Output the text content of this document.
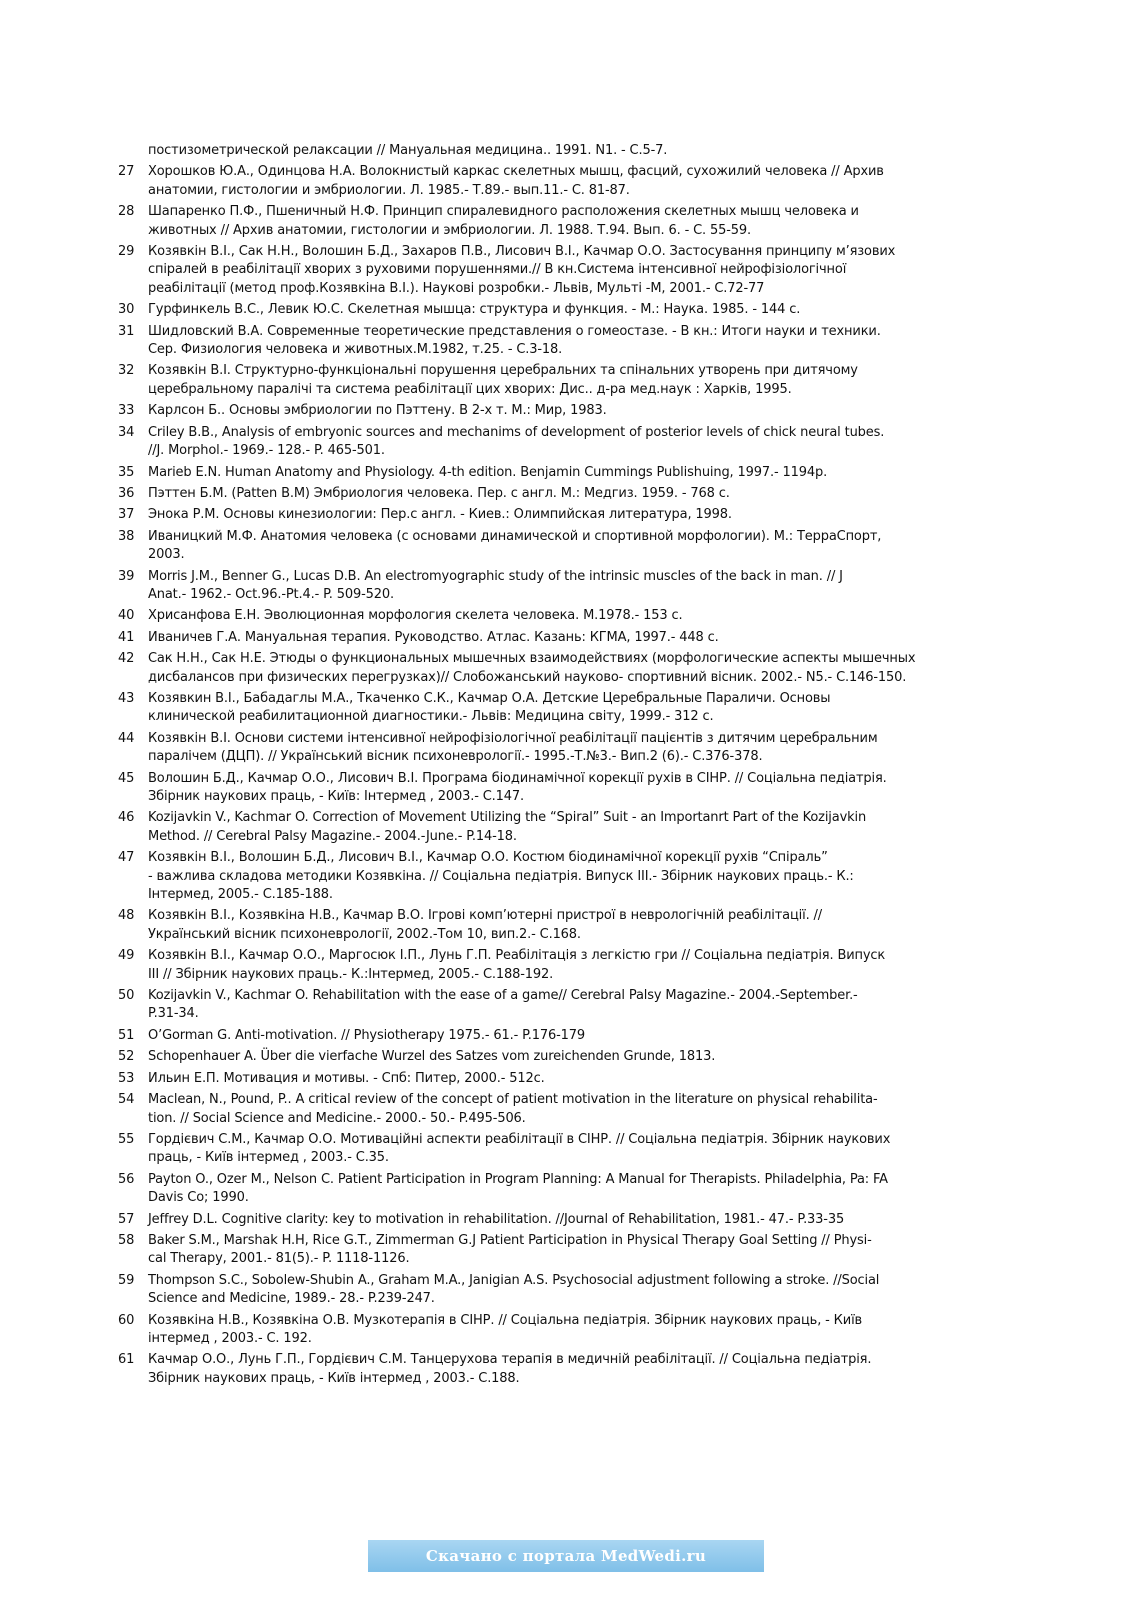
постизометрической релаксации // Мануальная медицина.. 1991. N1. - C.5-7.
27	Хорошков Ю.А., Одинцова Н.А. Волокнистый каркас скелетных мышц, фасций, сухожилий человека // Архив
анатомии, гистологии и эмбриологии. Л. 1985.- Т.89.- вып.11.- С. 81-87.
28	Шапаренко П.Ф., Пшеничный Н.Ф. Принцип спиралевидного расположения скелетных мышц человека и
животных // Архив анатомии, гистологии и эмбриологии. Л. 1988. Т.94. Вып. 6. - С. 55-59.
29	Козявкін В.І., Сак Н.Н., Волошин Б.Д., Захаров П.В., Лисович В.І., Качмар О.О. Застосування принципу м’язових
спіралей в реабілітації хворих з руховими порушеннями.// В кн.Система інтенсивної нейрофізіологічної
реабілітації (метод проф.Козявкіна В.І.). Наукові розробки.- Львів, Мульті -М, 2001.- С.72-77
30	Гурфинкель B.C., Левик Ю.С. Скелетная мышца: структура и функция. - М.: Наука. 1985. - 144 с.
31	Шидловский В.А. Современные теоретические представления о гомеостазе. - В кн.: Итоги науки и техники.
Сер. Физиология человека и животных.М.1982, т.25. - С.3-18.
32	Козявкін В.І. Структурно-функціональні порушення церебральних та спінальних утворень при дитячому
церебральному паралічі та система реабілітації цих хворих: Дис.. д-ра мед.наук : Харків, 1995.
33	Карлсон Б.. Основы эмбриологии по Пэттену. В 2-х т. М.: Мир, 1983.
34	Criley B.B., Analysis of embryonic sources and mechanims of development of posterior levels of chick neural tubes.
//J. Morphol.- 1969.- 128.- P. 465-501.
35	Marieb E.N. Human Anatomy and Physiology. 4-th edition. Benjamin Cummings Publishuing, 1997.- 1194p.
36	Пэттен Б.М. (Patten B.M) Эмбриология человека. Пер. с англ. М.: Медгиз. 1959. - 768 с.
37	Энока Р.М. Основы кинезиологии: Пер.с англ. - Киев.: Олимпийская литература, 1998.
38	Иваницкий М.Ф. Анатомия человека (с основами динамической и спортивной морфологии). М.: ТерраСпорт,
2003.
39	Morris J.M., Benner G., Lucas D.B. An electromyographic study of the intrinsic muscles of the back in man. // J
Anat.- 1962.- Oct.96.-Pt.4.- P. 509-520.
40	Хрисанфова Е.Н. Эволюционная морфология скелета человека. М.1978.- 153 с.
41	Иваничев Г.А. Мануальная терапия. Руководство. Атлас. Казань: КГМА, 1997.- 448 с.
42	Сак Н.Н., Сак Н.Е. Этюды о функциональных мышечных взаимодействиях (морфологические аспекты мышечных
дисбалансов при физических перегрузках)// Слобожанський науково- спортивний вісник. 2002.- N5.- С.146-150.
43	Козявкин В.І., Бабадаглы М.А., Ткаченко С.К., Качмар О.А. Детские Церебральные Параличи. Основы
клинической реабилитационной диагностики.- Львів: Медицина світу, 1999.- 312 с.
44	Козявкін В.І. Основи системи інтенсивної нейрофізіологічної реабілітації пацієнтів з дитячим церебральним
паралічем (ДЦП). // Український вісник психоневрології.- 1995.-Т.№3.- Вип.2 (6).- С.376-378.
45	Волошин Б.Д., Качмар О.О., Лисович В.І. Програма біодинамічної корекції рухів в СІНР. // Соціальна педіатрія.
Збірник наукових праць, - Київ: Інтермед , 2003.- С.147.
46	Kozijavkin V., Kachmar O. Correction of Movement Utilizing the “Spiral” Suit - an Importanrt Part of the Kozijavkin
Method. // Cerebral Palsy Magazine.- 2004.-June.- P.14-18.
47	Козявкін В.І., Волошин Б.Д., Лисович В.І., Качмар О.О. Костюм біодинамічної корекції рухів “Спіраль”
- важлива складова методики Козявкіна. // Соціальна педіатрія. Випуск ІІІ.- Збірник наукових праць.- К.:
Інтермед, 2005.- С.185-188.
48	Козявкін В.І., Козявкіна Н.В., Качмар В.О. Ігрові комп’ютерні пристрої в неврологічній реабілітації. //
Український вісник психоневрології, 2002.-Том 10, вип.2.- С.168.
49	Козявкін В.І., Качмар О.О., Маргосюк І.П., Лунь Г.П. Реабілітація з легкістю гри // Соціальна педіатрія. Випуск
ІІІ // Збірник наукових праць.- К.:Інтермед, 2005.- С.188-192.
50	Kozijavkin V., Kachmar O. Rehabilitation with the ease of a game// Cerebral Palsy Magazine.- 2004.-September.-
P.31-34.
51	O’Gorman G. Anti-motivation. // Physiotherapy 1975.- 61.- P.176-179
52	Schopenhauer A. Über die vierfache Wurzel des Satzes vom zureichenden Grunde, 1813.
53	Ильин Е.П. Мотивация и мотивы. - Спб: Питер, 2000.- 512с.
54	Maclean, N., Pound, P.. A critical review of the concept of patient motivation in the literature on physical rehabilita-
tion. // Social Science and Medicine.- 2000.- 50.- P.495-506.
55	Гордієвич С.М., Качмар О.О. Мотиваційні аспекти реабілітації в СІНР. // Соціальна педіатрія. Збірник наукових
праць, - Київ інтермед , 2003.- С.35.
56	Payton O., Ozer M., Nelson C. Patient Participation in Program Planning: A Manual for Therapists. Philadelphia, Pa: FA
Davis Co; 1990.
57	Jeffrey D.L. Cognitive clarity: key to motivation in rehabilitation. //Journal of Rehabilitation, 1981.- 47.- P.33-35
58	Baker S.M., Marshak H.H, Rice G.T., Zimmerman G.J Patient Participation in Physical Therapy Goal Setting // Physi-
cal Therapy, 2001.- 81(5).- P. 1118-1126.
59	Thompson S.C., Sobolew-Shubin A., Graham M.A., Janigian A.S. Psychosocial adjustment following a stroke. //Social
Science and Medicine, 1989.- 28.- P.239-247.
60	Козявкіна Н.В., Козявкіна О.В. Музкотерапія в СІНР. // Соціальна педіатрія. Збірник наукових праць, - Київ
інтермед , 2003.- С. 192.
61	Качмар О.О., Лунь Г.П., Гордієвич С.М. Танцерухова терапія в медичній реабілітації. // Соціальна педіатрія.
Збірник наукових праць, - Київ інтермед , 2003.- С.188.
Скачано с портала MedWedi.ru
